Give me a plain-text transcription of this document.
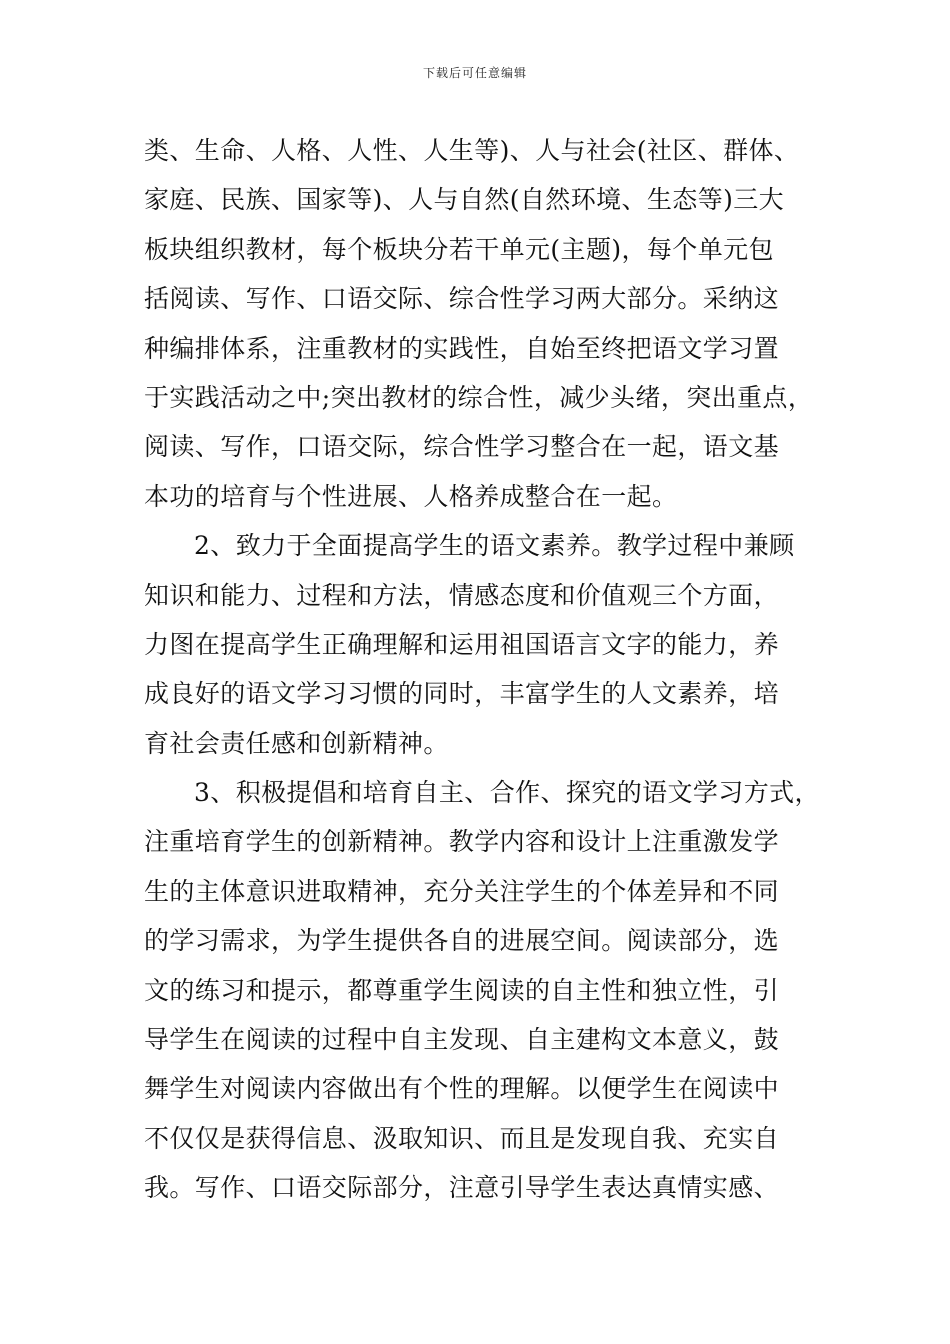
下载后可任意编辑
类、生命、人格、人性、人生等)、人与社会(社区、群体、
家庭、民族、国家等)、人与自然(自然环境、生态等)三大
板块组织教材，每个板块分若干单元(主题)，每个单元包
括阅读、写作、口语交际、综合性学习两大部分。采纳这
种编排体系，注重教材的实践性，自始至终把语文学习置
于实践活动之中;突出教材的综合性，减少头绪，突出重点，
阅读、写作，口语交际，综合性学习整合在一起，语文基
本功的培育与个性进展、人格养成整合在一起。
2、致力于全面提高学生的语文素养。教学过程中兼顾
知识和能力、过程和方法，情感态度和价值观三个方面，
力图在提高学生正确理解和运用祖国语言文字的能力，养
成良好的语文学习习惯的同时，丰富学生的人文素养，培
育社会责任感和创新精神。
3、积极提倡和培育自主、合作、探究的语文学习方式，
注重培育学生的创新精神。教学内容和设计上注重激发学
生的主体意识进取精神，充分关注学生的个体差异和不同
的学习需求，为学生提供各自的进展空间。阅读部分，选
文的练习和提示，都尊重学生阅读的自主性和独立性，引
导学生在阅读的过程中自主发现、自主建构文本意义，鼓
舞学生对阅读内容做出有个性的理解。以便学生在阅读中
不仅仅是获得信息、汲取知识、而且是发现自我、充实自
我。写作、口语交际部分，注意引导学生表达真情实感、
